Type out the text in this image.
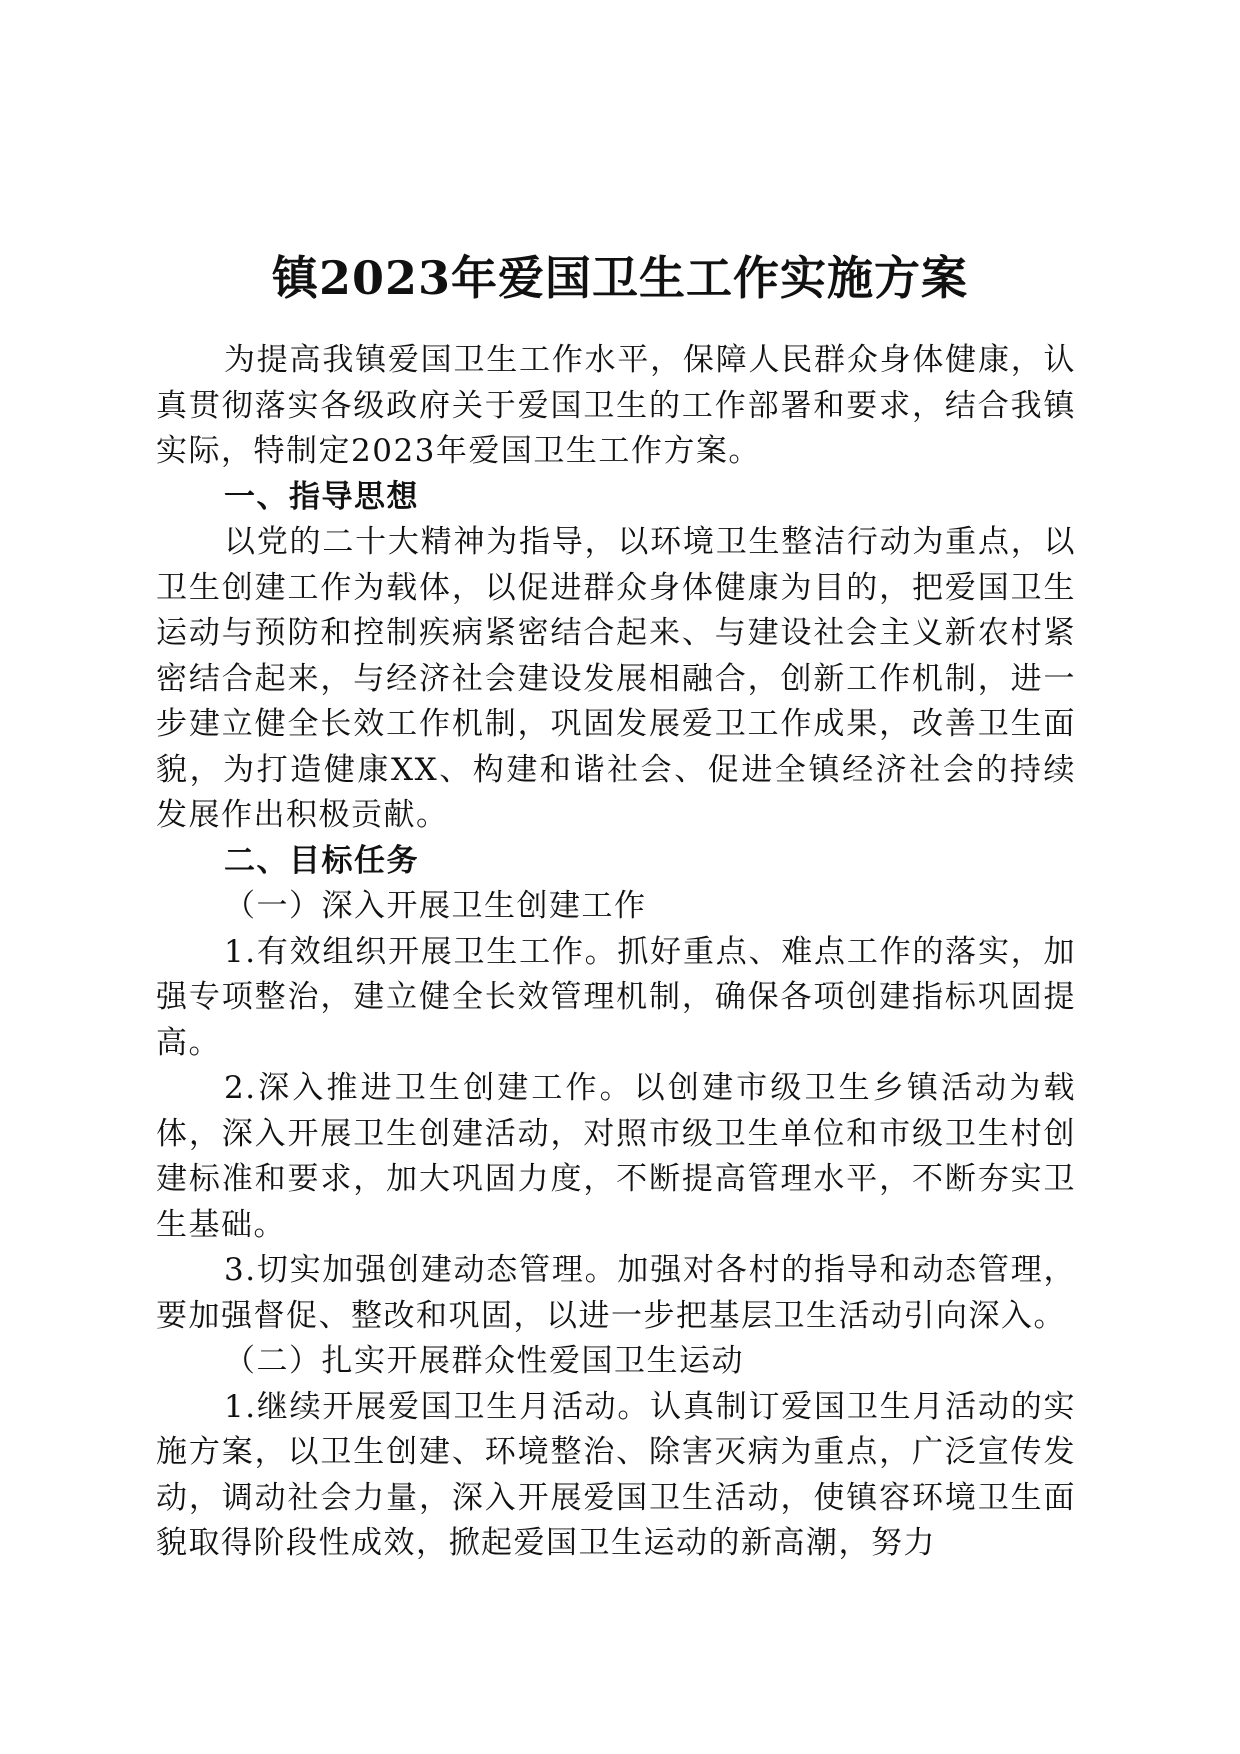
镇2023年爱国卫生工作实施方案

为提高我镇爱国卫生工作水平，保障人民群众身体健康，认真贯彻落实各级政府关于爱国卫生的工作部署和要求，结合我镇实际，特制定2023年爱国卫生工作方案。

一、指导思想

以党的二十大精神为指导，以环境卫生整洁行动为重点，以卫生创建工作为载体，以促进群众身体健康为目的，把爱国卫生运动与预防和控制疾病紧密结合起来、与建设社会主义新农村紧密结合起来，与经济社会建设发展相融合，创新工作机制，进一步建立健全长效工作机制，巩固发展爱卫工作成果，改善卫生面貌，为打造健康XX、构建和谐社会、促进全镇经济社会的持续发展作出积极贡献。

二、目标任务

（一）深入开展卫生创建工作

1.有效组织开展卫生工作。抓好重点、难点工作的落实，加强专项整治，建立健全长效管理机制，确保各项创建指标巩固提高。

2.深入推进卫生创建工作。以创建市级卫生乡镇活动为载体，深入开展卫生创建活动，对照市级卫生单位和市级卫生村创建标准和要求，加大巩固力度，不断提高管理水平，不断夯实卫生基础。

3.切实加强创建动态管理。加强对各村的指导和动态管理，要加强督促、整改和巩固，以进一步把基层卫生活动引向深入。

（二）扎实开展群众性爱国卫生运动

1.继续开展爱国卫生月活动。认真制订爱国卫生月活动的实施方案，以卫生创建、环境整治、除害灭病为重点，广泛宣传发动，调动社会力量，深入开展爱国卫生活动，使镇容环境卫生面貌取得阶段性成效，掀起爱国卫生运动的新高潮，努力
